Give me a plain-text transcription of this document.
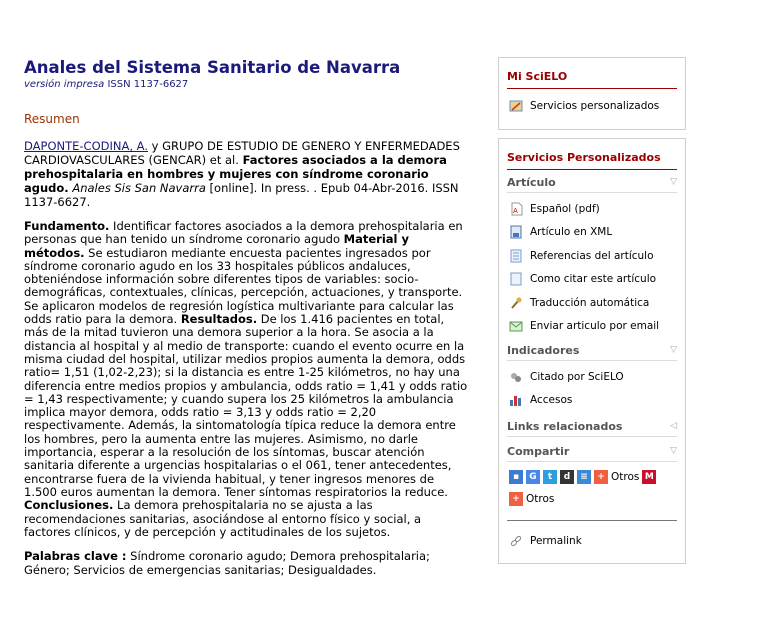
Anales del Sistema Sanitario de Navarra
versión impresa ISSN 1137-6627
Resumen
DAPONTE-CODINA, A. y GRUPO DE ESTUDIO DE GENERO Y ENFERMEDADES CARDIOVASCULARES (GENCAR) et al. Factores asociados a la demora prehospitalaria en hombres y mujeres con síndrome coronario agudo. Anales Sis San Navarra [online]. In press. . Epub 04-Abr-2016. ISSN 1137-6627.
Fundamento. Identificar factores asociados a la demora prehospitalaria en personas que han tenido un síndrome coronario agudo Material y métodos. Se estudiaron mediante encuesta pacientes ingresados por síndrome coronario agudo en los 33 hospitales públicos andaluces, obteniéndose información sobre diferentes tipos de variables: socio-demográficas, contextuales, clínicas, percepción, actuaciones, y transporte. Se aplicaron modelos de regresión logística multivariante para calcular las odds ratio para la demora. Resultados. De los 1.416 pacientes en total, más de la mitad tuvieron una demora superior a la hora. Se asocia a la distancia al hospital y al medio de transporte: cuando el evento ocurre en la misma ciudad del hospital, utilizar medios propios aumenta la demora, odds ratio= 1,51 (1,02-2,23); si la distancia es entre 1-25 kilómetros, no hay una diferencia entre medios propios y ambulancia, odds ratio = 1,41 y odds ratio = 1,43 respectivamente; y cuando supera los 25 kilómetros la ambulancia implica mayor demora, odds ratio = 3,13 y odds ratio = 2,20 respectivamente. Además, la sintomatología típica reduce la demora entre los hombres, pero la aumenta entre las mujeres. Asimismo, no darle importancia, esperar a la resolución de los síntomas, buscar atención sanitaria diferente a urgencias hospitalarias o el 061, tener antecedentes, encontrarse fuera de la vivienda habitual, y tener ingresos menores de 1.500 euros aumentan la demora. Tener síntomas respiratorios la reduce. Conclusiones. La demora prehospitalaria no se ajusta a las recomendaciones sanitarias, asociándose al entorno físico y social, a factores clínicos, y de percepción y actitudinales de los sujetos.
Palabras clave : Síndrome coronario agudo; Demora prehospitalaria; Género; Servicios de emergencias sanitarias; Desigualdades.
Mi SciELO
Servicios personalizados
Servicios Personalizados
Artículo	▽
A Español (pdf)
Artículo en XML
Referencias del artículo
Como citar este artículo
Traducción automática
Enviar articulo por email
Indicadores	▽
Citado por SciELO
Accesos
Links relacionados	◁
Compartir	▽
▪	G	t	d	≡	+ Otros M
+ Otros
Permalink
